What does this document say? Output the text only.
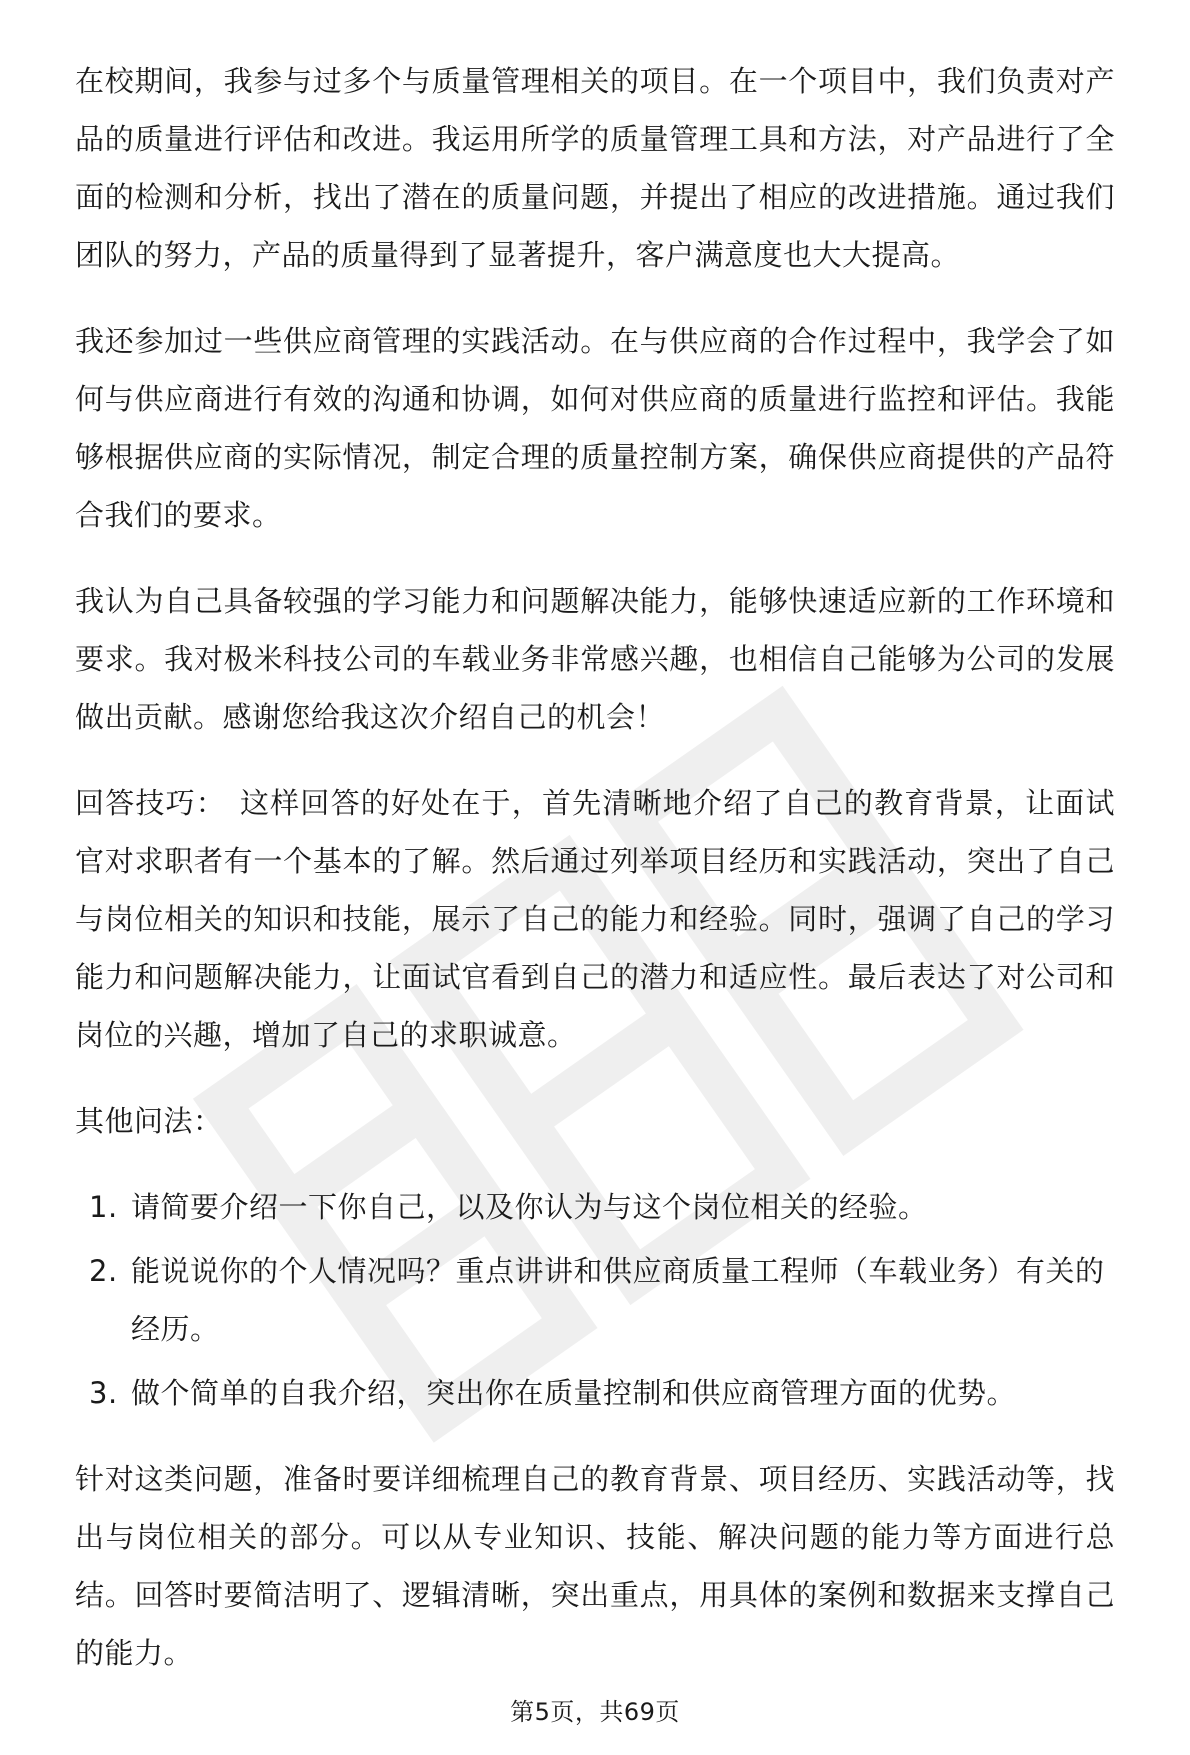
在校期间，我参与过多个与质量管理相关的项目。在一个项目中，我们负责对产品的质量进行评估和改进。我运用所学的质量管理工具和方法，对产品进行了全面的检测和分析，找出了潜在的质量问题，并提出了相应的改进措施。通过我们团队的努力，产品的质量得到了显著提升，客户满意度也大大提高。

我还参加过一些供应商管理的实践活动。在与供应商的合作过程中，我学会了如何与供应商进行有效的沟通和协调，如何对供应商的质量进行监控和评估。我能够根据供应商的实际情况，制定合理的质量控制方案，确保供应商提供的产品符合我们的要求。

我认为自己具备较强的学习能力和问题解决能力，能够快速适应新的工作环境和要求。我对极米科技公司的车载业务非常感兴趣，也相信自己能够为公司的发展做出贡献。感谢您给我这次介绍自己的机会！

回答技巧： 这样回答的好处在于，首先清晰地介绍了自己的教育背景，让面试官对求职者有一个基本的了解。然后通过列举项目经历和实践活动，突出了自己与岗位相关的知识和技能，展示了自己的能力和经验。同时，强调了自己的学习能力和问题解决能力，让面试官看到自己的潜力和适应性。最后表达了对公司和岗位的兴趣，增加了自己的求职诚意。

其他问法：

1. 请简要介绍一下你自己，以及你认为与这个岗位相关的经验。
2. 能说说你的个人情况吗？重点讲讲和供应商质量工程师（车载业务）有关的经历。
3. 做个简单的自我介绍，突出你在质量控制和供应商管理方面的优势。

针对这类问题，准备时要详细梳理自己的教育背景、项目经历、实践活动等，找出与岗位相关的部分。可以从专业知识、技能、解决问题的能力等方面进行总结。回答时要简洁明了、逻辑清晰，突出重点，用具体的案例和数据来支撑自己的能力。

第5页，共69页
